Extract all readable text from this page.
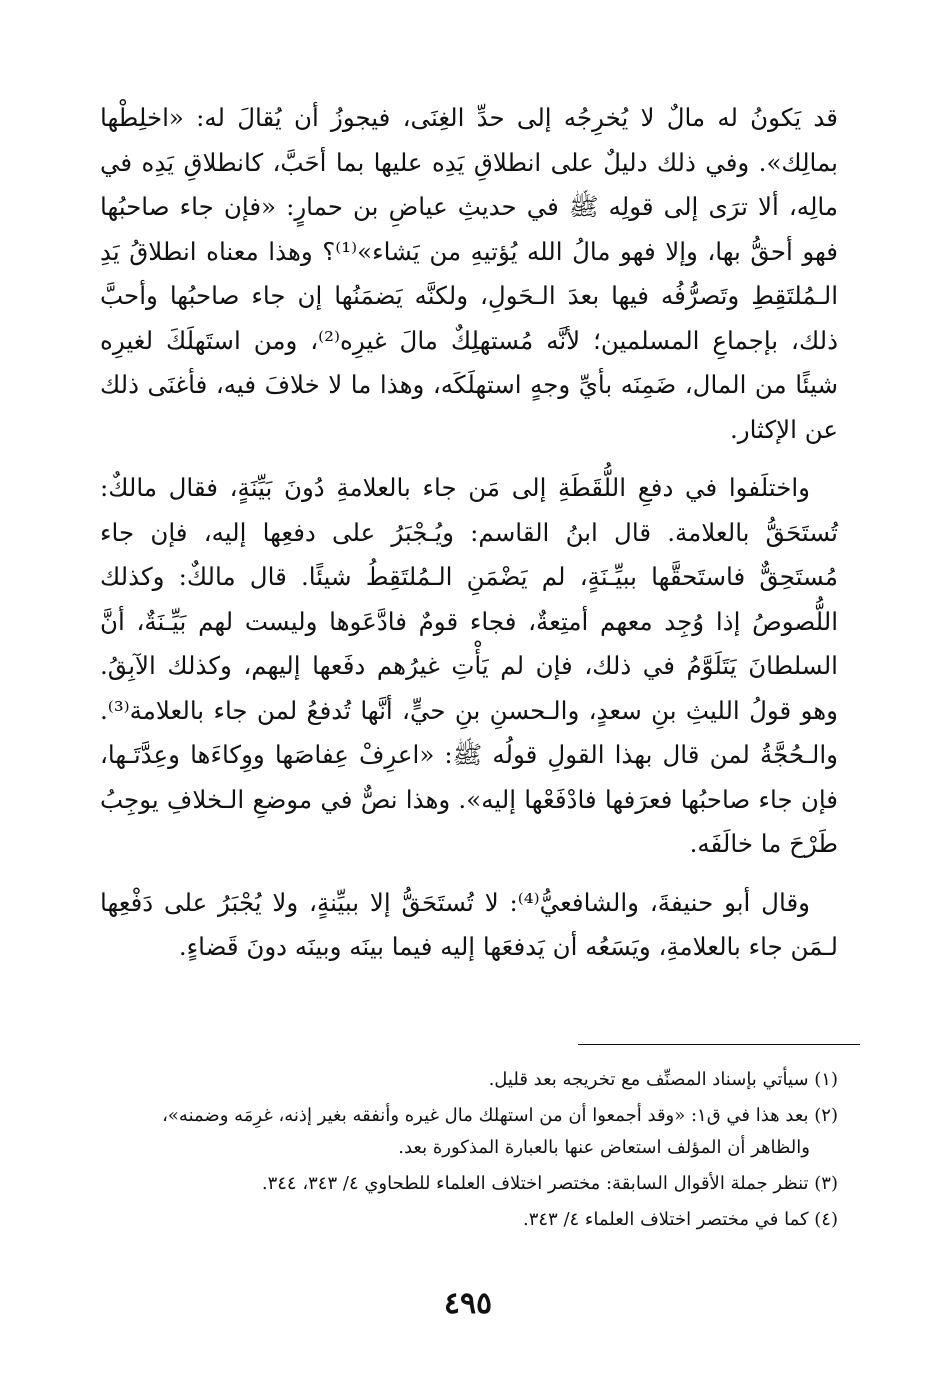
قد يَكونُ له مالٌ لا يُخرِجُه إلى حدِّ الغِنَى، فيجوزُ أن يُقالَ له: «اخلِطْها بمالِك». وفي ذلك دليلٌ على انطلاقِ يَدِه عليها بما أحَبَّ، كانطلاقِ يَدِه في مالِه، ألا ترَى إلى قولِه ﷺ في حديثِ عياضِ بن حمارٍ: «فإن جاء صاحبُها فهو أحقُّ بها، وإلا فهو مالُ الله يُؤتيهِ من يَشاء»⁽¹⁾؟ وهذا معناه انطلاقُ يَدِ الـمُلتَقِطِ وتَصرُّفُه فيها بعدَ الـحَولِ، ولكنَّه يَضمَنُها إن جاء صاحبُها وأحبَّ ذلك، بإجماعِ المسلمين؛ لأنَّه مُستهلِكٌ مالَ غيرِه⁽²⁾، ومن استَهلَكَ لغيرِه شيئًا من المال، ضَمِنَه بأيِّ وجهٍ استهلَكَه، وهذا ما لا خلافَ فيه، فأغنَى ذلك عن الإكثار.

واختلَفوا في دفعِ اللُّقَطَةِ إلى مَن جاء بالعلامةِ دُونَ بَيِّنَةٍ، فقال مالكٌ: تُستَحَقُّ بالعلامة. قال ابنُ القاسم: ويُـجْبَرُ على دفعِها إليه، فإن جاء مُستَحِقٌّ فاستَحقَّها ببيِّـنَةٍ، لم يَضْمَنِ الـمُلتَقِطُ شيئًا. قال مالكٌ: وكذلك اللُّصوصُ إذا وُجِد معهم أمتِعةٌ، فجاء قومٌ فادَّعَوها وليست لهم بَيِّـنَةٌ، أنَّ السلطانَ يَتَلَوَّمُ في ذلك، فإن لم يَأْتِ غيرُهم دفَعها إليهم، وكذلك الآبِقُ. وهو قولُ الليثِ بنِ سعدٍ، والـحسنِ بنِ حيٍّ، أنَّها تُدفعُ لمن جاء بالعلامة⁽³⁾. والـحُجَّةُ لمن قال بهذا القولِ قولُه ﷺ: «اعرِفْ عِفاصَها ووِكاءَها وعِدَّتَـها، فإن جاء صاحبُها فعرَفها فادْفَعْها إليه». وهذا نصٌّ في موضعِ الـخلافِ يوجِبُ طَرْحَ ما خالَفَه.

وقال أبو حنيفةَ، والشافعيُّ⁽⁴⁾: لا تُستَحَقُّ إلا ببيِّنةٍ، ولا يُجْبَرُ على دَفْعِها لـمَن جاء بالعلامةِ، ويَسَعُه أن يَدفعَها إليه فيما بينَه وبينَه دونَ قَضاءٍ.

(١) سيأتي بإسناد المصنِّف مع تخريجه بعد قليل.

(٢) بعد هذا في ق١: «وقد أجمعوا أن من استهلك مال غيره وأنفقه بغير إذنه، غرِمَه وضمنه»،
والظاهر أن المؤلف استعاض عنها بالعبارة المذكورة بعد.

(٣) تنظر جملة الأقوال السابقة: مختصر اختلاف العلماء للطحاوي ٤/ ٣٤٣، ٣٤٤.

(٤) كما في مختصر اختلاف العلماء ٤/ ٣٤٣.

٤٩٥
